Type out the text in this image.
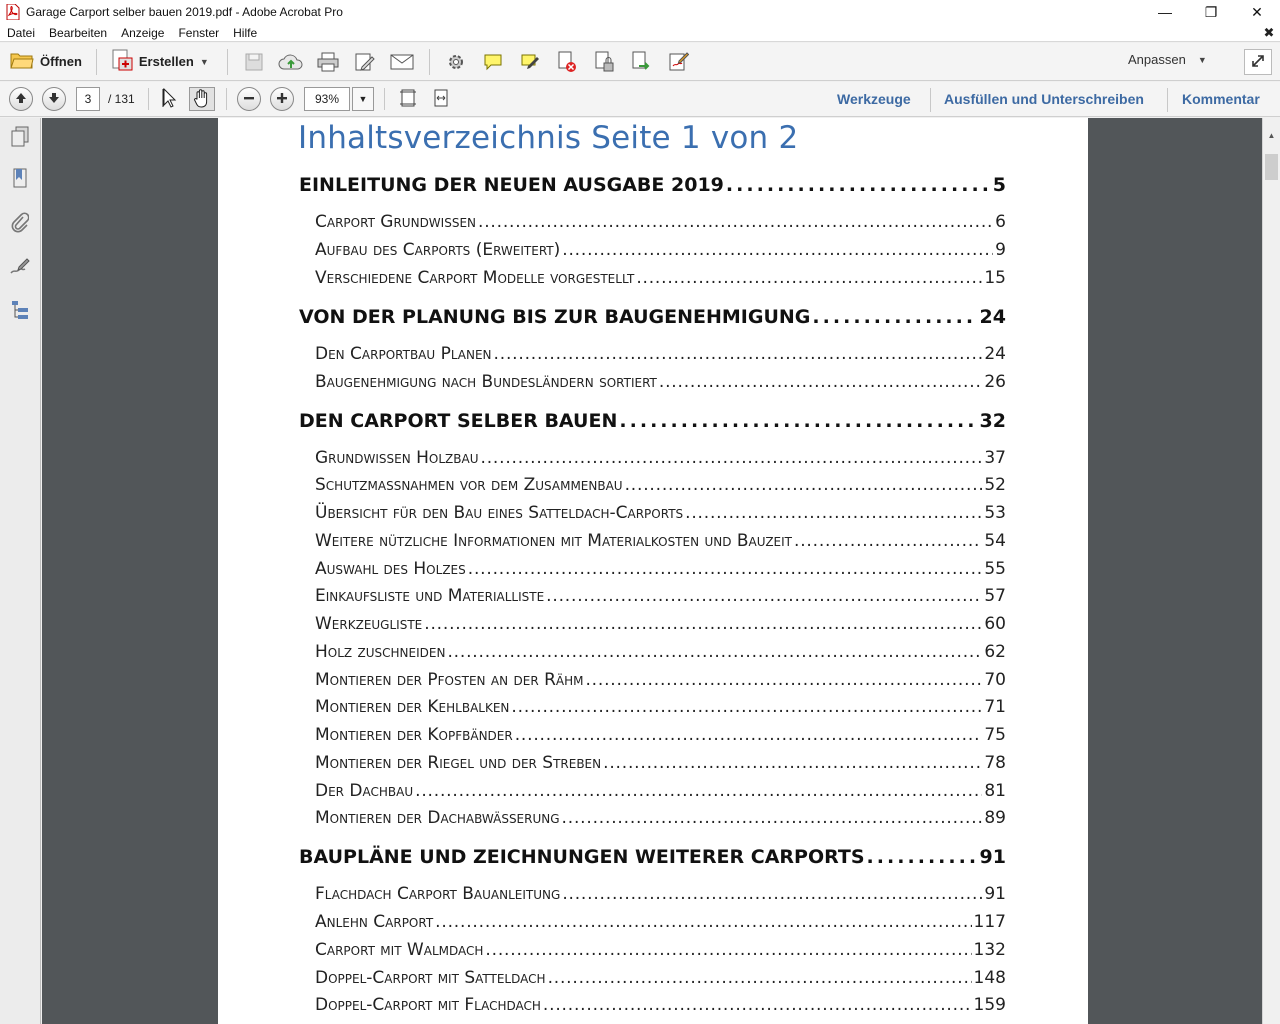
Garage Carport selber bauen 2019.pdf - Adobe Acrobat Pro	—	❐	✕
Datei	Bearbeiten	Anzeige	Fenster	Hilfe	✖
Öffnen	Erstellen ▼	Anpassen ▼
3	/ 131	93%	▼	Werkzeuge Ausfüllen und Unterschreiben	Kommentar
Inhaltsverzeichnis Seite 1 von 2
EINLEITUNG DER NEUEN AUSGABE 2019 . . .	5
Carport Grundwissen . . .	6
Aufbau des Carports (Erweitert) . . .	9
Verschiedene Carport Modelle vorgestellt . . .	15
VON DER PLANUNG BIS ZUR BAUGENEHMIGUNG . . .	24
Den Carportbau Planen . . .	24
Baugenehmigung nach Bundesländern sortiert . . .	26
DEN CARPORT SELBER BAUEN . . .	32
Grundwissen Holzbau . . .	37
Schutzmaßnahmen vor dem Zusammenbau . . .	52
Übersicht für den Bau eines Satteldach-Carports . . .	53
Weitere nützliche Informationen mit Materialkosten und Bauzeit . . .	54
Auswahl des Holzes . . .	55
Einkaufsliste und Materialliste . . .	57
Werkzeugliste . . .	60
Holz zuschneiden . . .	62
Montieren der Pfosten an der Rähm . . .	70
Montieren der Kehlbalken . . .	71
Montieren der Kopfbänder . . .	75
Montieren der Riegel und der Streben . . .	78
Der Dachbau . . .	81
Montieren der Dachabwässerung . . .	89
BAUPLÄNE UND ZEICHNUNGEN WEITERER CARPORTS . . .	91
Flachdach Carport Bauanleitung . . .	91
Anlehn Carport . . .	117
Carport mit Walmdach . . .	132
Doppel-Carport mit Satteldach . . .	148
Doppel-Carport mit Flachdach . . .	159
▲
